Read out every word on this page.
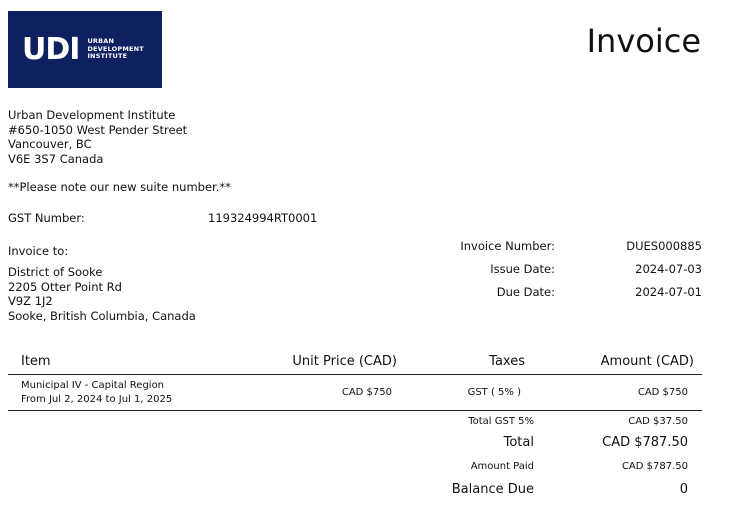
UDI URBAN
DEVELOPMENT
INSTITUTE	Invoice
Urban Development Institute
#650-1050 West Pender Street
Vancouver, BC
V6E 3S7 Canada
**Please note our new suite number.**
GST Number:	119324994RT0001
Invoice to:
District of Sooke
2205 Otter Point Rd
V9Z 1J2
Sooke, British Columbia, Canada
Invoice Number:	DUES000885
Issue Date:	2024-07-03
Due Date:	2024-07-01
Item	Unit Price (CAD)	Taxes	Amount (CAD)
Municipal IV - Capital Region
From Jul 2, 2024 to Jul 1, 2025
CAD $750	GST ( 5% )	CAD $750
Total GST 5%	CAD $37.50
Total	CAD $787.50
Amount Paid	CAD $787.50
Balance Due	0
